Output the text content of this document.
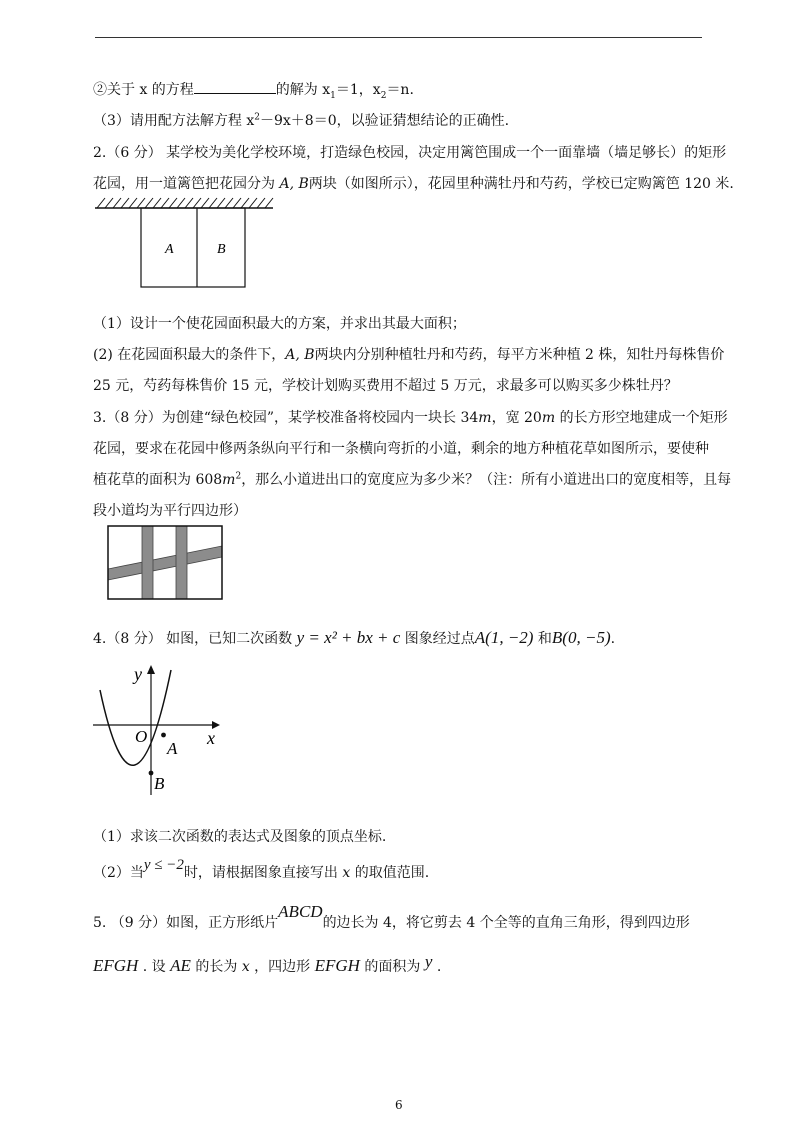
②关于 x 的方程	的解为 $x_1=1$，$x_2=n$.
（3）请用配方法解方程 $x^2-9x+8=0$，以验证猜想结论的正确性.
2.（6 分） 某学校为美化学校环境，打造绿色校园，决定用篱笆围成一个一面靠墙（墙足够长）的矩形
花园，用一道篱笆把花园分为 A, B两块（如图所示），花园里种满牡丹和芍药，学校已定购篱笆 120 米.
A	B
（1）设计一个使花园面积最大的方案，并求出其最大面积；
(2) 在花园面积最大的条件下，A, B两块内分别种植牡丹和芍药，每平方米种植 2 株，知牡丹每株售价
25 元，芍药每株售价 15 元，学校计划购买费用不超过 5 万元，求最多可以购买多少株牡丹？
3.（8 分）为创建“绿色校园”，某学校准备将校园内一块长 34m，宽 20m 的长方形空地建成一个矩形
花园，要求在花园中修两条纵向平行和一条横向弯折的小道，剩余的地方种植花草如图所示，要使种
植花草的面积为 $608m^2$，那么小道进出口的宽度应为多少米？（注：所有小道进出口的宽度相等，且每
段小道均为平行四边形）
4.（8 分） 如图，已知二次函数 y = x² + bx + c 图象经过点A(1, −2) 和B(0, −5).
y
x
O
A
B
（1）求该二次函数的表达式及图象的顶点坐标.
（2）当y ≤ −2时，请根据图象直接写出 x 的取值范围.
5. （9 分）如图，正方形纸片ABCD的边长为 4，将它剪去 4 个全等的直角三角形，得到四边形
EFGH . 设 AE 的长为 x ，四边形 EFGH 的面积为 y .
6
